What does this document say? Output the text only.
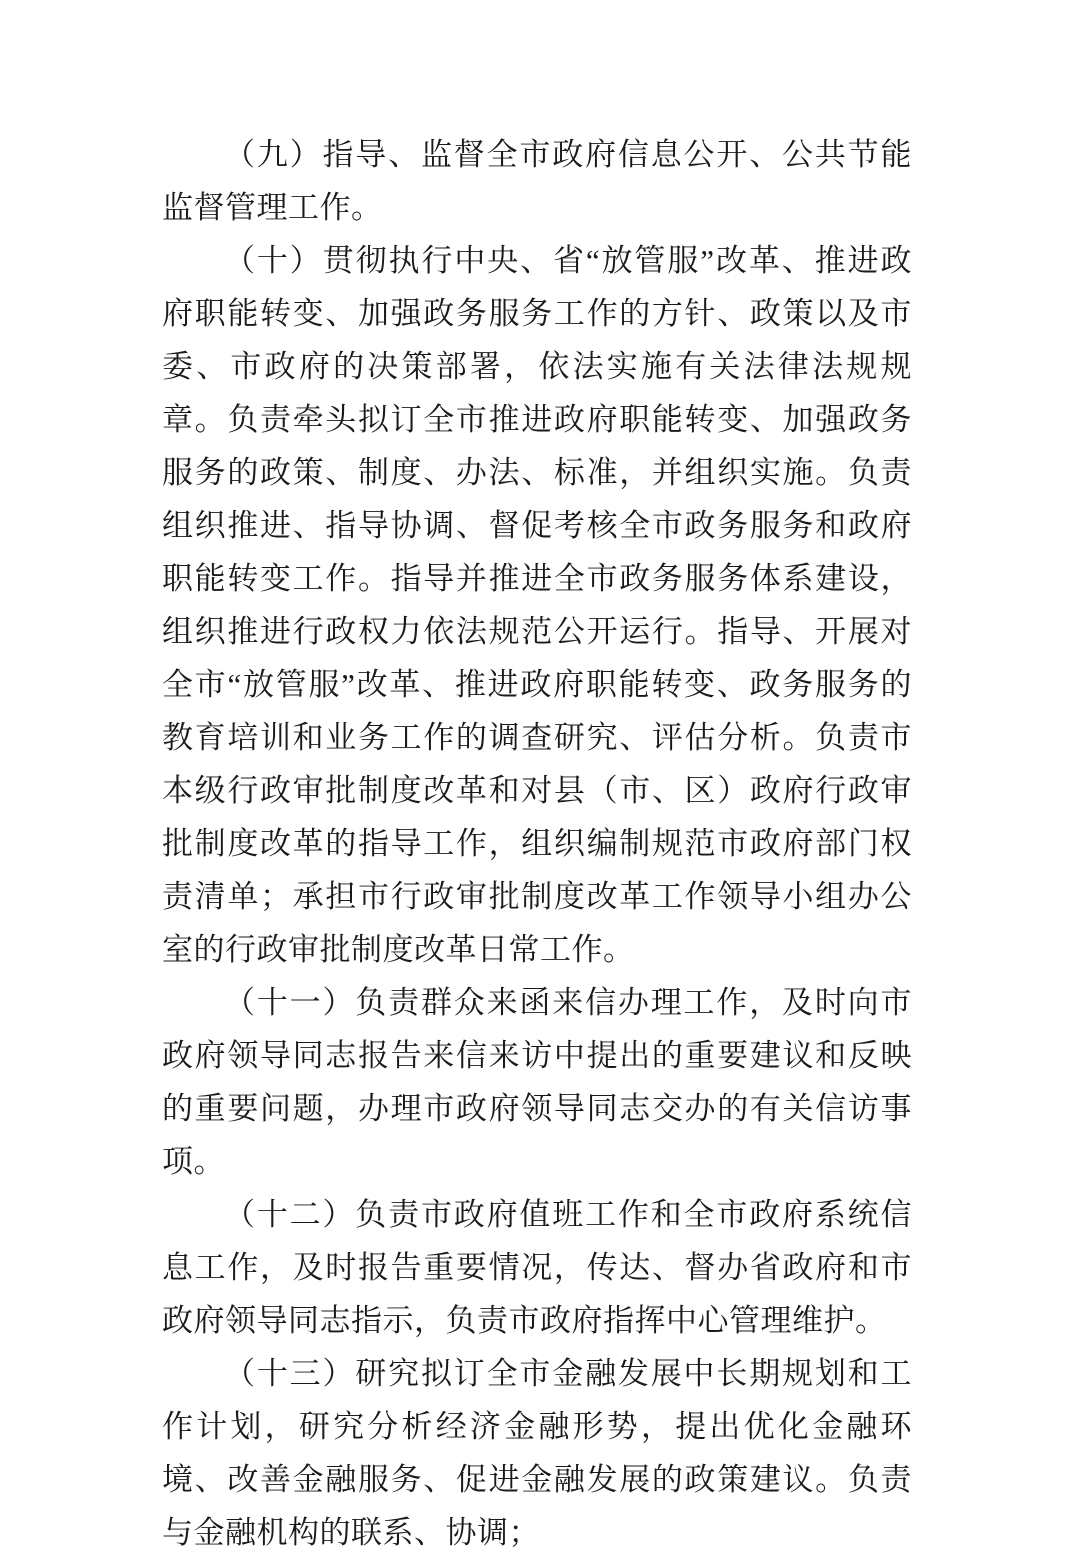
（九）指导、监督全市政府信息公开、公共节能监督管理工作。

（十）贯彻执行中央、省“放管服”改革、推进政府职能转变、加强政务服务工作的方针、政策以及市委、市政府的决策部署，依法实施有关法律法规规章。负责牵头拟订全市推进政府职能转变、加强政务服务的政策、制度、办法、标准，并组织实施。负责组织推进、指导协调、督促考核全市政务服务和政府职能转变工作。指导并推进全市政务服务体系建设，组织推进行政权力依法规范公开运行。指导、开展对全市“放管服”改革、推进政府职能转变、政务服务的教育培训和业务工作的调查研究、评估分析。负责市本级行政审批制度改革和对县（市、区）政府行政审批制度改革的指导工作，组织编制规范市政府部门权责清单；承担市行政审批制度改革工作领导小组办公室的行政审批制度改革日常工作。

（十一）负责群众来函来信办理工作，及时向市政府领导同志报告来信来访中提出的重要建议和反映的重要问题，办理市政府领导同志交办的有关信访事项。

（十二）负责市政府值班工作和全市政府系统信息工作，及时报告重要情况，传达、督办省政府和市政府领导同志指示，负责市政府指挥中心管理维护。

（十三）研究拟订全市金融发展中长期规划和工作计划，研究分析经济金融形势，提出优化金融环境、改善金融服务、促进金融发展的政策建议。负责与金融机构的联系、协调；
